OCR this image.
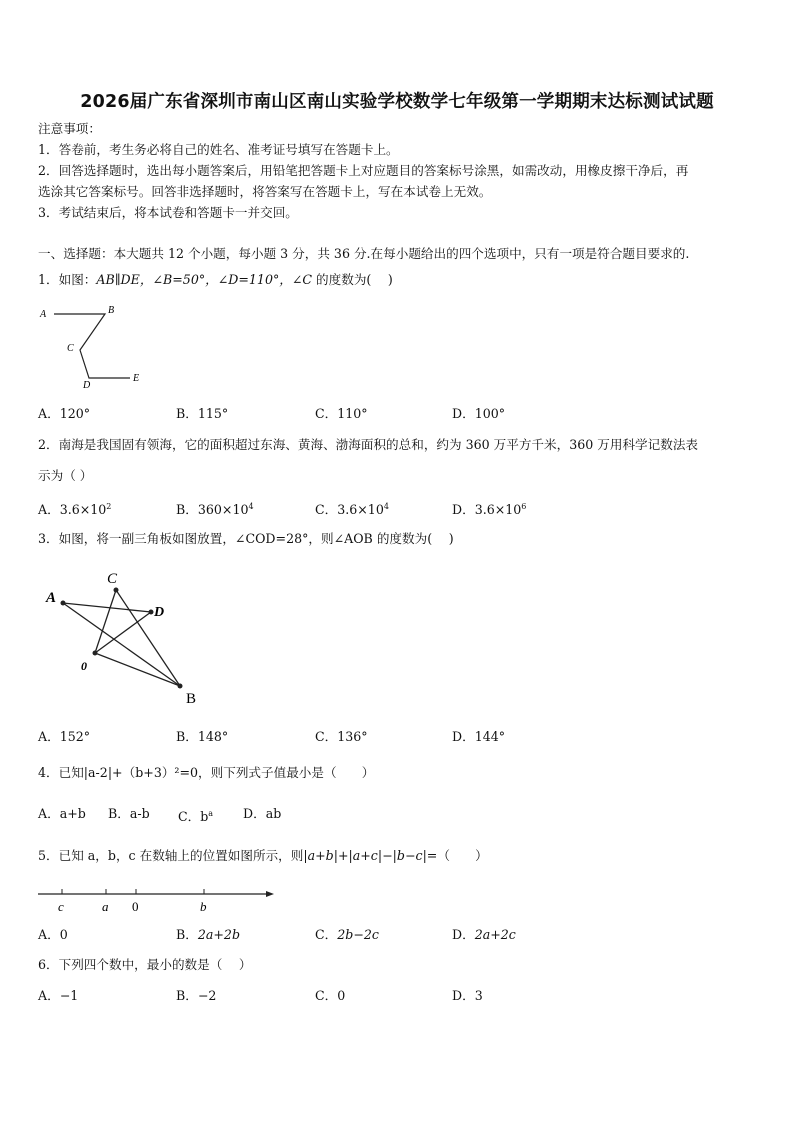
2026届广东省深圳市南山区南山实验学校数学七年级第一学期期末达标测试试题
注意事项：
1．答卷前，考生务必将自己的姓名、准考证号填写在答题卡上。
2．回答选择题时，选出每小题答案后，用铅笔把答题卡上对应题目的答案标号涂黑，如需改动，用橡皮擦干净后，再
选涂其它答案标号。回答非选择题时，将答案写在答题卡上，写在本试卷上无效。
3．考试结束后，将本试卷和答题卡一并交回。
一、选择题：本大题共 12 个小题，每小题 3 分，共 36 分.在每小题给出的四个选项中，只有一项是符合题目要求的.
1．如图：AB∥DE，∠B=50°，∠D=110°，∠C 的度数为(　 )
A	B
C
D
E
A．120°	B．115°	C．110°	D．100°
2．南海是我国固有领海，它的面积超过东海、黄海、渤海面积的总和，约为 360 万平方千米，360 万用科学记数法表
示为（ ）
A．$3.6\times 10^2$	B．$360\times 10^4$	C．$3.6\times 10^4$	D．$3.6\times 10^6$
3．如图，将一副三角板如图放置，∠COD=28°，则∠AOB 的度数为(　 )
A
C
D
0
B
A．152°	B．148°	C．136°	D．144°
4．已知|a-2|+（b+3）²=0，则下列式子值最小是（　　）
A．a+b B．a-b C．$b^a$ D．ab
5．已知 a，b，c 在数轴上的位置如图所示，则|a+b|+|a+c|−|b−c|=（　　）
c	a 0	b
A．0	B．2a+2b	C．2b−2c	D．2a+2c
6．下列四个数中，最小的数是（　 ）
A．−1	B．−2	C．0	D．3
